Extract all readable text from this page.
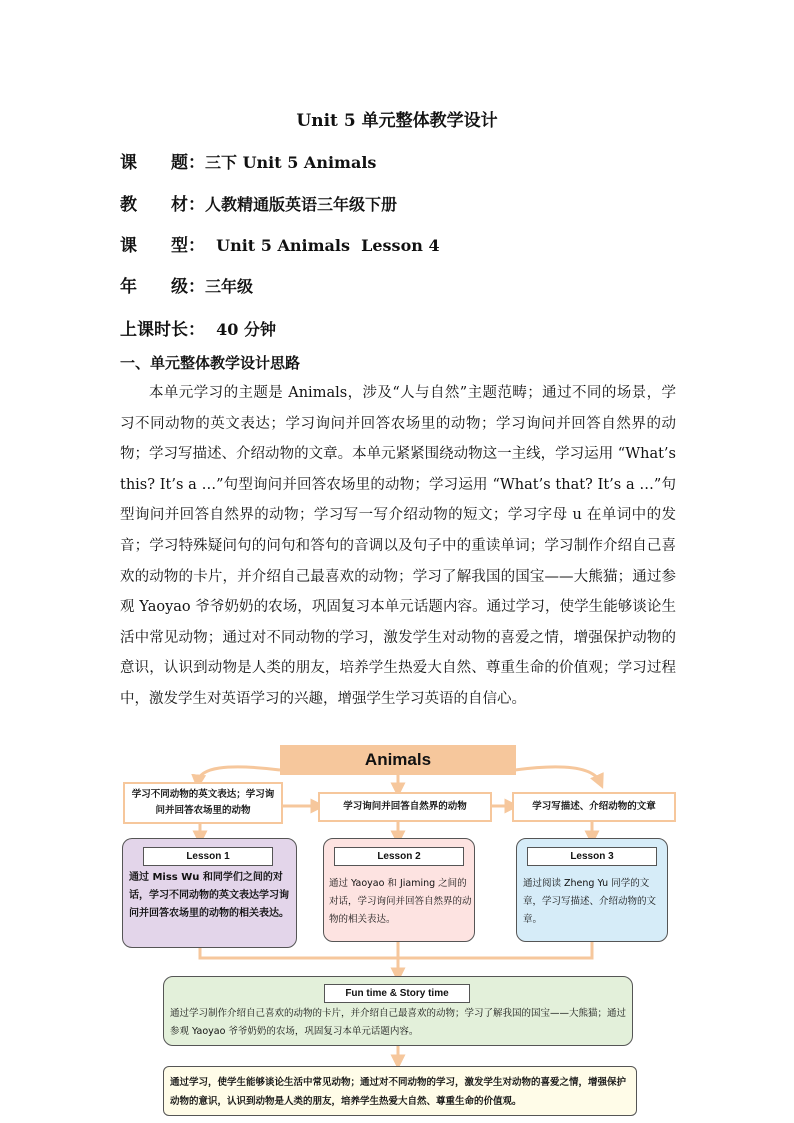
Unit 5 单元整体教学设计
课　　题：三下 Unit 5 Animals
教　　材：人教精通版英语三年级下册
课　　型：  Unit 5 Animals  Lesson 4
年　　级：三年级
上课时长：  40 分钟
一、单元整体教学设计思路

本单元学习的主题是 Animals，涉及“人与自然”主题范畴；通过不同的场景，学习不同动物的英文表达；学习询问并回答农场里的动物；学习询问并回答自然界的动物；学习写描述、介绍动物的文章。本单元紧紧围绕动物这一主线，学习运用 “What’s this? It’s a …”句型询问并回答农场里的动物；学习运用 “What’s that? It’s a …”句型询问并回答自然界的动物；学习写一写介绍动物的短文；学习字母 u 在单词中的发音；学习特殊疑问句的问句和答句的音调以及句子中的重读单词；学习制作介绍自己喜欢的动物的卡片，并介绍自己最喜欢的动物；学习了解我国的国宝——大熊猫；通过参观 Yaoyao 爷爷奶奶的农场，巩固复习本单元话题内容。通过学习，使学生能够谈论生活中常见动物；通过对不同动物的学习，激发学生对动物的喜爱之情，增强保护动物的意识，认识到动物是人类的朋友，培养学生热爱大自然、尊重生命的价值观；学习过程中，激发学生对英语学习的兴趣，增强学生学习英语的自信心。

Animals
学习不同动物的英文表达；学习询问并回答农场里的动物	学习询问并回答自然界的动物	学习写描述、介绍动物的文章
Lesson 1
通过 Miss Wu 和同学们之间的对话，学习不同动物的英文表达学习询问并回答农场里的动物的相关表达。
Lesson 2
通过 Yaoyao 和 Jiaming 之间的对话，学习询问并回答自然界的动物的相关表达。
Lesson 3
通过阅读 Zheng Yu 同学的文章，学习写描述、介绍动物的文章。
Fun time & Story time
通过学习制作介绍自己喜欢的动物的卡片，并介绍自己最喜欢的动物；学习了解我国的国宝——大熊猫；通过参观 Yaoyao 爷爷奶奶的农场，巩固复习本单元话题内容。
通过学习，使学生能够谈论生活中常见动物；通过对不同动物的学习，激发学生对动物的喜爱之情，增强保护动物的意识，认识到动物是人类的朋友，培养学生热爱大自然、尊重生命的价值观。
